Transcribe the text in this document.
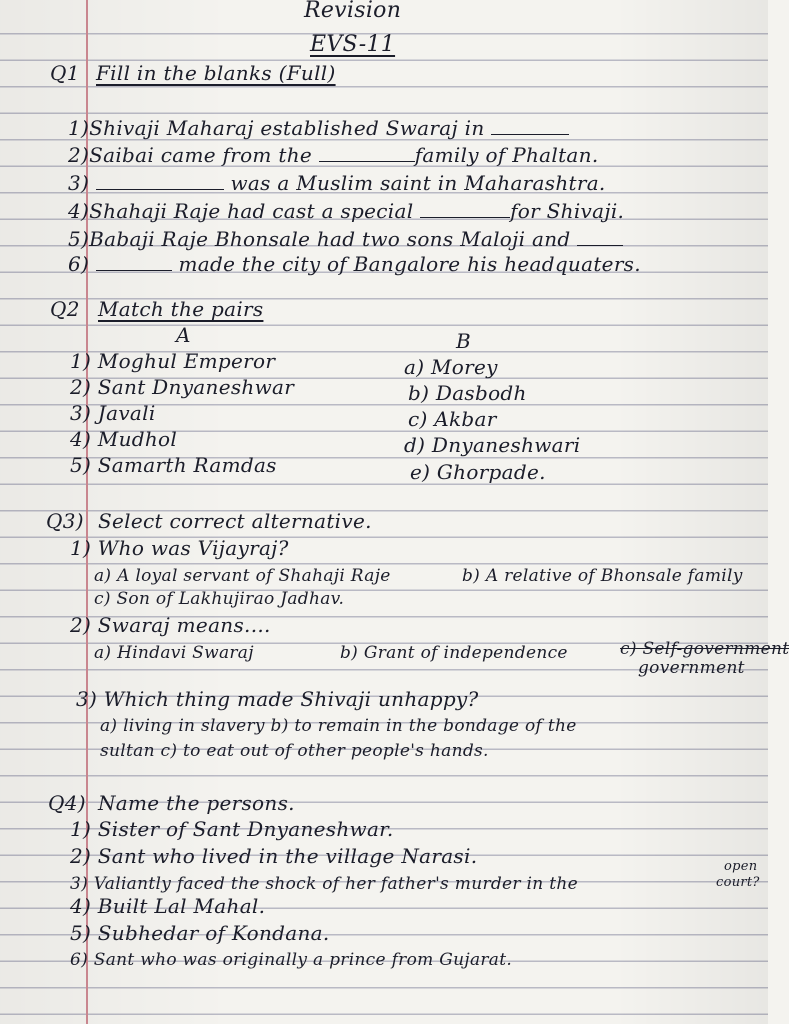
Revision
EVS-11
Q1 Fill in the blanks (Full)
1)Shivaji Maharaj established Swaraj in
2)Saibai came from the	family of Phaltan.
3)	was a Muslim saint in Maharashtra.
4)Shahaji Raje had cast a special	for Shivaji.
5)Babaji Raje Bhonsale had two sons Maloji and
6)	made the city of Bangalore his headquaters.
Q2 Match the pairs
A	B
1) Moghul Emperor	a) Morey
2) Sant Dnyaneshwar	b) Dasbodh
3) Javali	c) Akbar
4) Mudhol	d) Dnyaneshwari
5) Samarth Ramdas	e) Ghorpade.
Q3) Select correct alternative.
1) Who was Vijayraj?
a) A loyal servant of Shahaji Raje	b) A relative of Bhonsale family
c) Son of Lakhujirao Jadhav.
2) Swaraj means....
a) Hindavi Swaraj	b) Grant of independence	c) Self-government
government
3) Which thing made Shivaji unhappy?
a) living in slavery b) to remain in the bondage of the
sultan c) to eat out of other people's hands.
Q4) Name the persons.
1) Sister of Sant Dnyaneshwar.
2) Sant who lived in the village Narasi.
3) Valiantly faced the shock of her father's murder in the
open
court?
4) Built Lal Mahal.
5) Subhedar of Kondana.
6) Sant who was originally a prince from Gujarat.
